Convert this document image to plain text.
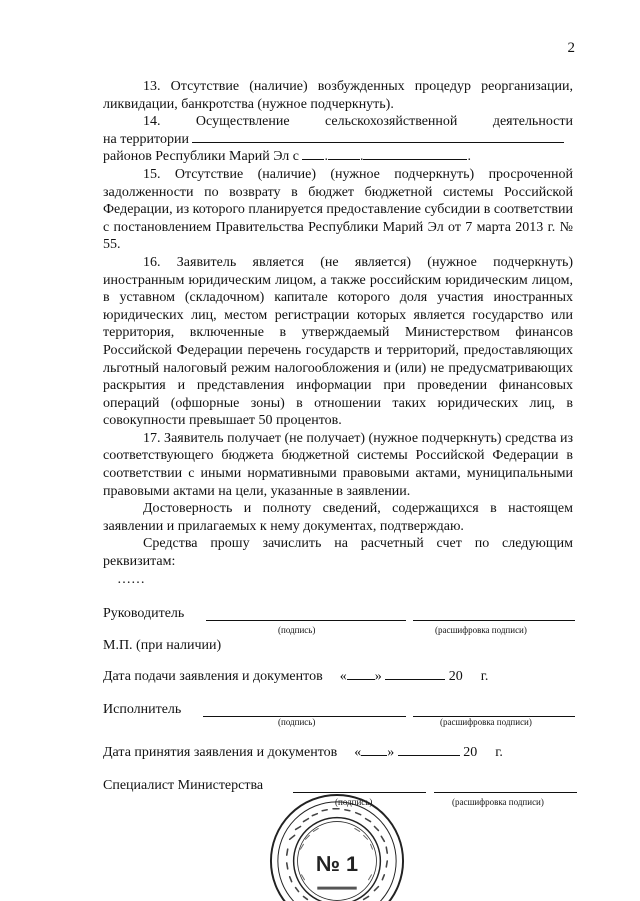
2

13. Отсутствие (наличие) возбужденных процедур реорганизации, ликвидации, банкротства (нужное подчеркнуть).

14. Осуществление сельскохозяйственной деятельности

на территории

районов Республики Марий Эл с . .	.

15. Отсутствие (наличие) (нужное подчеркнуть) просроченной задолженности по возврату в бюджет бюджетной системы Российской Федерации, из которого планируется предоставление субсидии в соответствии с постановлением Правительства Республики Марий Эл от 7 марта 2013 г. № 55.

16. Заявитель является (не является) (нужное подчеркнуть) иностранным юридическим лицом, а также российским юридическим лицом, в уставном (складочном) капитале которого доля участия иностранных юридических лиц, местом регистрации которых является государство или территория, включенные в утверждаемый Министерством финансов Российской Федерации перечень государств и территорий, предоставляющих льготный налоговый режим налогообложения и (или) не предусматривающих раскрытия и представления информации при проведении финансовых операций (офшорные зоны) в отношении таких юридических лиц, в совокупности превышает 50 процентов.

17. Заявитель получает (не получает) (нужное подчеркнуть) средства из соответствующего бюджета бюджетной системы Российской Федерации в соответствии с иными нормативными правовыми актами, муниципальными правовыми актами на цели, указанные в заявлении.

Достоверность и полноту сведений, содержащихся в настоящем заявлении и прилагаемых к нему документах, подтверждаю.

Средства прошу зачислить на расчетный счет по следующим реквизитам:

……

Руководитель
(подпись)	(расшифровка подписи)
М.П. (при наличии)
Дата подачи заявления и документов « »	20 г.
Исполнитель
(подпись)	(расшифровка подписи)
Дата принятия заявления и документов « »	20 г.
Специалист Министерства
(подпись)	(расшифровка подписи)
№ 1
